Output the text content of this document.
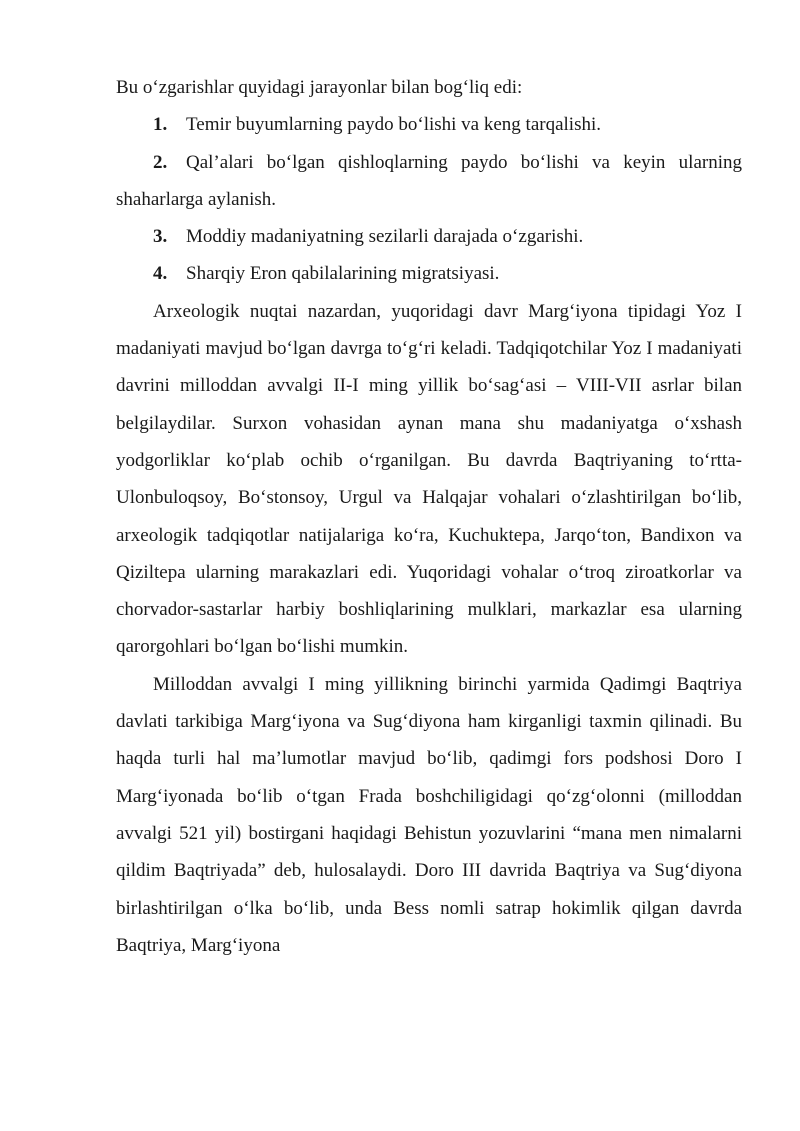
Bu o‘zgarishlar quyidagi jarayonlar bilan bog‘liq edi:

1. Temir buyumlarning paydo bo‘lishi va keng tarqalishi.
2. Qal’alari bo‘lgan qishloqlarning paydo bo‘lishi va keyin ularning shaharlarga aylanish.
3. Moddiy madaniyatning sezilarli darajada o‘zgarishi.
4. Sharqiy Eron qabilalarining migratsiyasi.

Arxeologik nuqtai nazardan, yuqoridagi davr Marg‘iyona tipidagi Yoz I madaniyati mavjud bo‘lgan davrga to‘g‘ri keladi. Tadqiqotchilar Yoz I madaniyati davrini milloddan avvalgi II-I ming yillik bo‘sag‘asi – VIII-VII asrlar bilan belgilaydilar. Surxon vohasidan aynan mana shu madaniyatga o‘xshash yodgorliklar ko‘plab ochib o‘rganilgan. Bu davrda Baqtriyaning to‘rtta-Ulonbuloqsoy, Bo‘stonsoy, Urgul va Halqajar vohalari o‘zlashtirilgan bo‘lib, arxeologik tadqiqotlar natijalariga ko‘ra, Kuchuktepa, Jarqo‘ton, Bandixon va Qiziltepa ularning marakazlari edi. Yuqoridagi vohalar o‘troq ziroatkorlar va chorvador-sastarlar harbiy boshliqlarining mulklari, markazlar esa ularning qarorgohlari bo‘lgan bo‘lishi mumkin.

Milloddan avvalgi I ming yillikning birinchi yarmida Qadimgi Baqtriya davlati tarkibiga Marg‘iyona va Sug‘diyona ham kirganligi taxmin qilinadi. Bu haqda turli hal ma’lumotlar mavjud bo‘lib, qadimgi fors podshosi Doro I Marg‘iyonada bo‘lib o‘tgan Frada boshchiligidagi qo‘zg‘olonni (milloddan avvalgi 521 yil) bostirgani haqidagi Behistun yozuvlarini “mana men nimalarni qildim Baqtriyada” deb, hulosalaydi. Doro III davrida Baqtriya va Sug‘diyona birlashtirilgan o‘lka bo‘lib, unda Bess nomli satrap hokimlik qilgan davrda Baqtriya, Marg‘iyona
